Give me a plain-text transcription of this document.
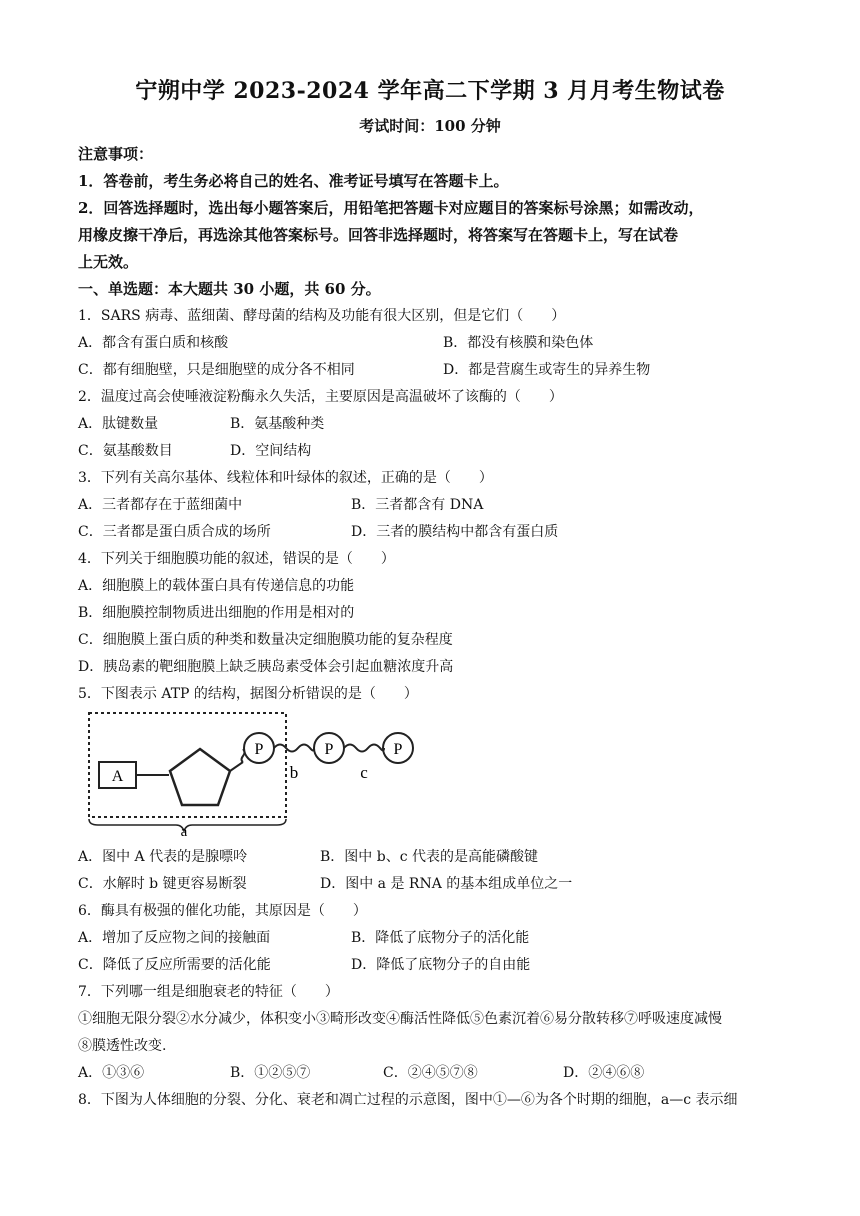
宁朔中学 2023-2024 学年高二下学期 3 月月考生物试卷
考试时间：100 分钟
注意事项：
1．答卷前，考生务必将自己的姓名、准考证号填写在答题卡上。
2．回答选择题时，选出每小题答案后，用铅笔把答题卡对应题目的答案标号涂黑；如需改动，
用橡皮擦干净后，再选涂其他答案标号。回答非选择题时，将答案写在答题卡上，写在试卷
上无效。
一、单选题：本大题共 30 小题，共 60 分。
1．SARS 病毒、蓝细菌、酵母菌的结构及功能有很大区别，但是它们（　　）
A．都含有蛋白质和核酸	B．都没有核膜和染色体
C．都有细胞壁，只是细胞壁的成分各不相同	D．都是营腐生或寄生的异养生物
2．温度过高会使唾液淀粉酶永久失活，主要原因是高温破坏了该酶的（　　）
A．肽键数量	B．氨基酸种类
C．氨基酸数目	D．空间结构
3．下列有关高尔基体、线粒体和叶绿体的叙述，正确的是（　　）
A．三者都存在于蓝细菌中	B．三者都含有 DNA
C．三者都是蛋白质合成的场所	D．三者的膜结构中都含有蛋白质
4．下列关于细胞膜功能的叙述，错误的是（　　）
A．细胞膜上的载体蛋白具有传递信息的功能
B．细胞膜控制物质进出细胞的作用是相对的
C．细胞膜上蛋白质的种类和数量决定细胞膜功能的复杂程度
D．胰岛素的靶细胞膜上缺乏胰岛素受体会引起血糖浓度升高
5．下图表示 ATP 的结构，据图分析错误的是（　　）
A
P	P	P
b	c
a
A．图中 A 代表的是腺嘌呤	B．图中 b、c 代表的是高能磷酸键
C．水解时 b 键更容易断裂	D．图中 a 是 RNA 的基本组成单位之一
6．酶具有极强的催化功能，其原因是（　　）
A．增加了反应物之间的接触面	B．降低了底物分子的活化能
C．降低了反应所需要的活化能	D．降低了底物分子的自由能
7．下列哪一组是细胞衰老的特征（　　）
①细胞无限分裂②水分减少，体积变小③畸形改变④酶活性降低⑤色素沉着⑥易分散转移⑦呼吸速度减慢
⑧膜透性改变.
A．①③⑥	B．①②⑤⑦	C．②④⑤⑦⑧	D．②④⑥⑧
8．下图为人体细胞的分裂、分化、衰老和凋亡过程的示意图，图中①—⑥为各个时期的细胞，a—c 表示细
